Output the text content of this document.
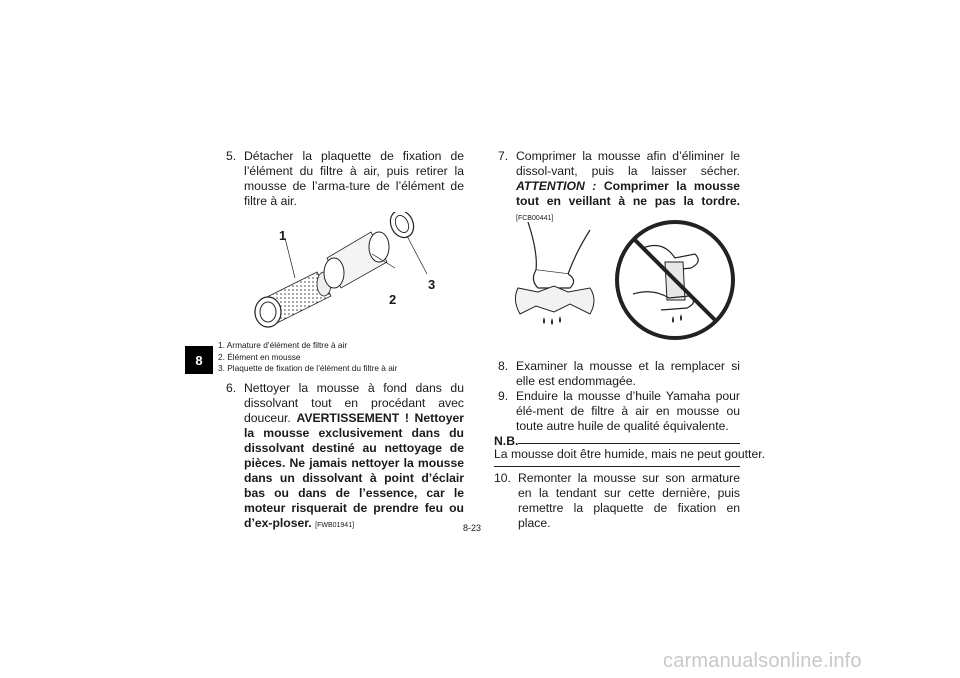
5. Détacher la plaquette de fixation de l’élément du filtre à air, puis retirer la mousse de l’arma-ture de l’élément de filtre à air.
1
2
3
8
1. Armature d’élément de filtre à air
2. Élément en mousse
3. Plaquette de fixation de l’élément du filtre à air
6. Nettoyer la mousse à fond dans du dissolvant tout en procédant avec douceur. AVERTISSEMENT ! Nettoyer la mousse exclusivement dans du dissolvant destiné au nettoyage de pièces. Ne jamais nettoyer la mousse dans un dissolvant à point d’éclair bas ou dans de l’essence, car le moteur risquerait de prendre feu ou d’ex-ploser. [FWB01941]
7. Comprimer la mousse afin d’éliminer le dissol-vant, puis la laisser sécher. ATTENTION : Comprimer la mousse tout en veillant à ne pas la tordre. [FCB00441]
8. Examiner la mousse et la remplacer si elle est endommagée.
9. Enduire la mousse d’huile Yamaha pour élé-ment de filtre à air en mousse ou toute autre huile de qualité équivalente.
N.B.
La mousse doit être humide, mais ne peut goutter.
10. Remonter la mousse sur son armature en la tendant sur cette dernière, puis remettre la plaquette de fixation en place.
8-23
carmanualsonline.info
